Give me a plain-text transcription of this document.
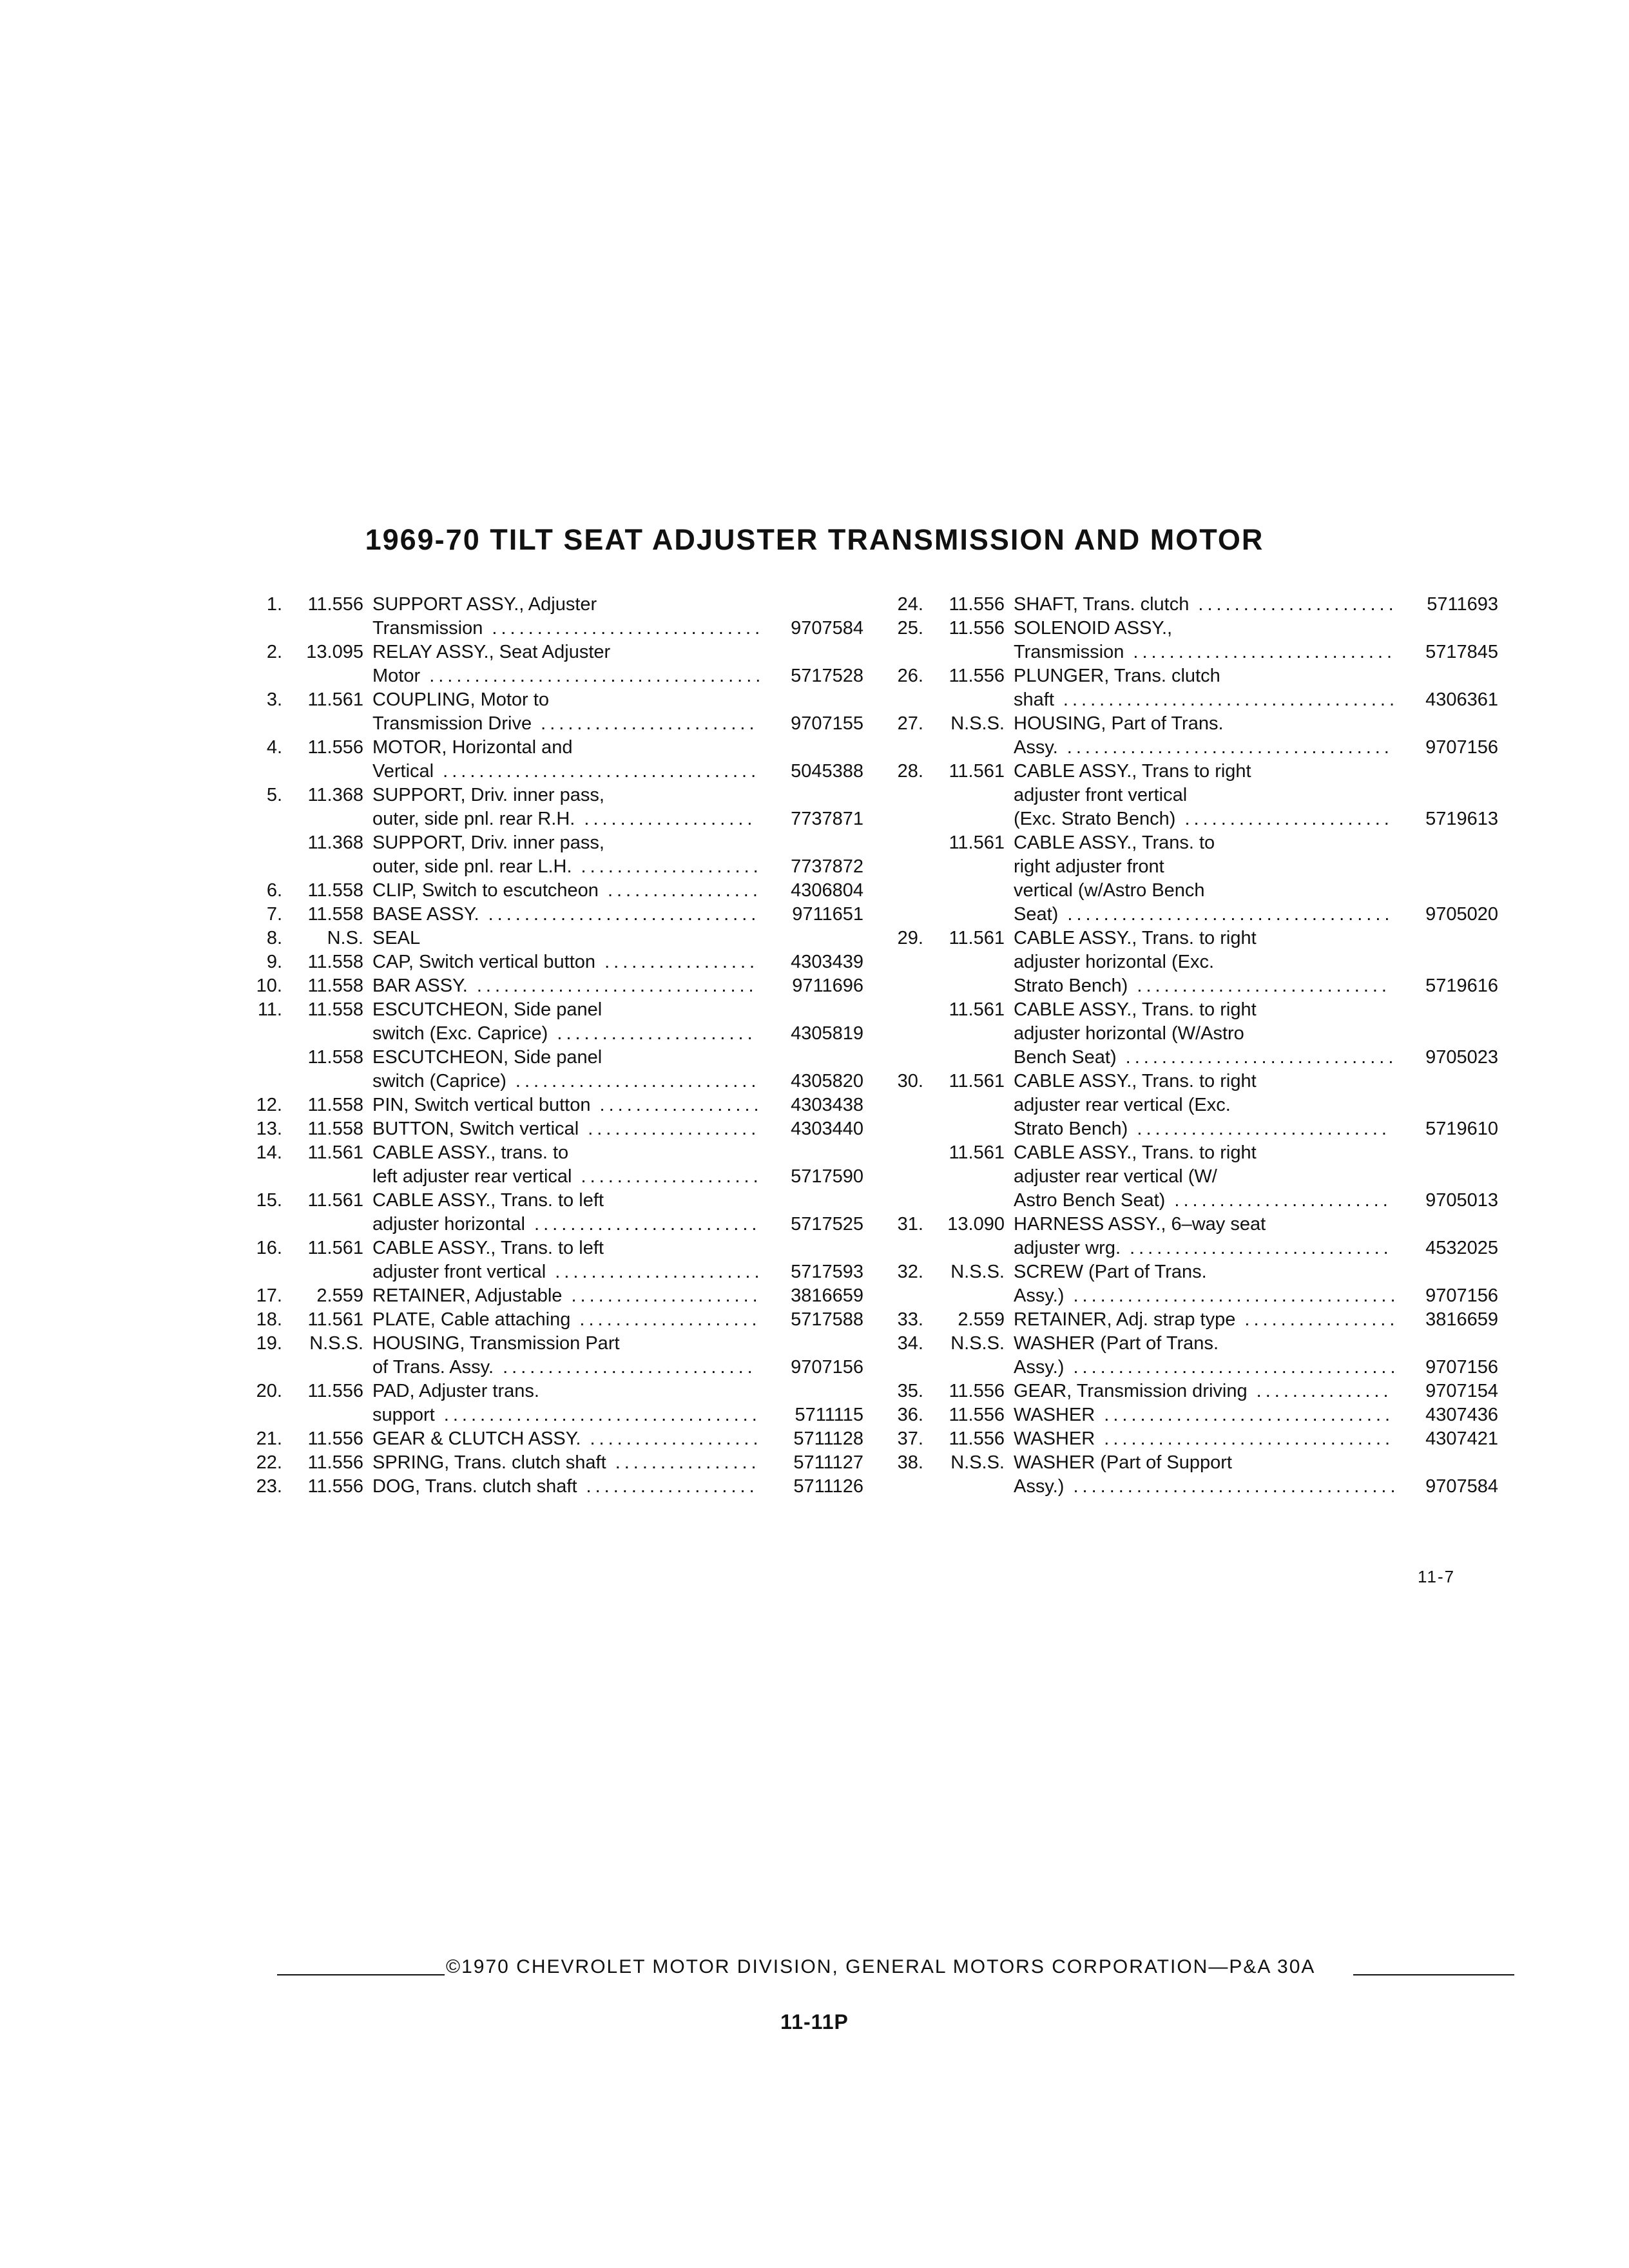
1969-70 TILT SEAT ADJUSTER TRANSMISSION AND MOTOR
1.	11.556 SUPPORT ASSY., Adjuster
Transmission ..............................	9707584
2.	13.095 RELAY ASSY., Seat Adjuster
Motor .....................................	5717528
3.	11.561 COUPLING, Motor to
Transmission Drive ........................	9707155
4.	11.556 MOTOR, Horizontal and
Vertical ...................................	5045388
5.	11.368 SUPPORT, Driv. inner pass,
outer, side pnl. rear R.H. ...................	7737871
11.368 SUPPORT, Driv. inner pass,
outer, side pnl. rear L.H. ....................	7737872
6.	11.558 CLIP, Switch to escutcheon .................	4306804
7.	11.558 BASE ASSY. ..............................	9711651
8.	N.S. SEAL
9.	11.558 CAP, Switch vertical button .................	4303439
10.	11.558 BAR ASSY. ...............................	9711696
11.	11.558 ESCUTCHEON, Side panel
switch (Exc. Caprice) ......................	4305819
11.558 ESCUTCHEON, Side panel
switch (Caprice) ...........................	4305820
12.	11.558 PIN, Switch vertical button ..................	4303438
13.	11.558 BUTTON, Switch vertical ...................	4303440
14.	11.561 CABLE ASSY., trans. to
left adjuster rear vertical ....................	5717590
15.	11.561 CABLE ASSY., Trans. to left
adjuster horizontal .........................	5717525
16.	11.561 CABLE ASSY., Trans. to left
adjuster front vertical .......................	5717593
17.	2.559 RETAINER, Adjustable .....................	3816659
18.	11.561 PLATE, Cable attaching ....................	5717588
19.	N.S.S. HOUSING, Transmission Part
of Trans. Assy. ............................	9707156
20.	11.556 PAD, Adjuster trans.
support ...................................	5711115
21.	11.556 GEAR & CLUTCH ASSY. ...................	5711128
22.	11.556 SPRING, Trans. clutch shaft ................	5711127
23.	11.556 DOG, Trans. clutch shaft ...................	5711126
24.	11.556 SHAFT, Trans. clutch ......................	5711693
25.	11.556 SOLENOID ASSY.,
Transmission .............................	5717845
26.	11.556 PLUNGER, Trans. clutch
shaft .....................................	4306361
27.	N.S.S. HOUSING, Part of Trans.
Assy. ....................................	9707156
28.	11.561 CABLE ASSY., Trans to right
adjuster front vertical
(Exc. Strato Bench) .......................	5719613
11.561 CABLE ASSY., Trans. to
right adjuster front
vertical (w/Astro Bench
Seat) ....................................	9705020
29.	11.561 CABLE ASSY., Trans. to right
adjuster horizontal (Exc.
Strato Bench) ............................	5719616
11.561 CABLE ASSY., Trans. to right
adjuster horizontal (W/Astro
Bench Seat) ..............................	9705023
30.	11.561 CABLE ASSY., Trans. to right
adjuster rear vertical (Exc.
Strato Bench) ............................	5719610
11.561 CABLE ASSY., Trans. to right
adjuster rear vertical (W/
Astro Bench Seat) ........................	9705013
31.	13.090 HARNESS ASSY., 6–way seat
adjuster wrg. .............................	4532025
32.	N.S.S. SCREW (Part of Trans.
Assy.) ....................................	9707156
33.	2.559 RETAINER, Adj. strap type .................	3816659
34.	N.S.S. WASHER (Part of Trans.
Assy.) ....................................	9707156
35.	11.556 GEAR, Transmission driving ...............	9707154
36.	11.556 WASHER ................................	4307436
37.	11.556 WASHER ................................	4307421
38.	N.S.S. WASHER (Part of Support
Assy.) ....................................	9707584
11-7
©1970 CHEVROLET MOTOR DIVISION, GENERAL MOTORS CORPORATION—P&A 30A
11-11P
